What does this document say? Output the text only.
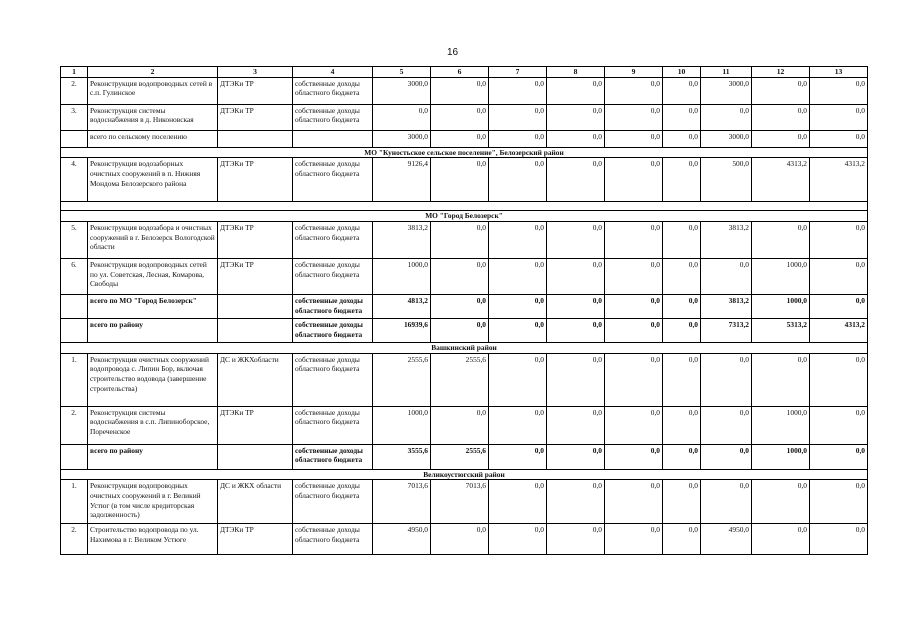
16
1	2	3	4	5	6	7	8	9	10	11	12	13
2.	Реконструкция водопроводных сетей в с.п. Гулинское	ДТЭКи ТР	собственные доходы областного бюджета	3000,0	0,0	0,0	0,0	0,0	0,0	3000,0	0,0	0,0
3.	Реконструкция системы водоснабжения в д. Никоновская	ДТЭКи ТР	собственные доходы областного бюджета	0,0	0,0	0,0	0,0	0,0	0,0	0,0	0,0	0,0
	всего по сельскому поселению			3000,0	0,0	0,0	0,0	0,0	0,0	3000,0	0,0	0,0
МО "Куностьское сельское поселение", Белозерский район												
4.	Реконструкция водозаборных очистных сооружений в п. Нижняя Мондома Белозерского района	ДТЭКи ТР	собственные доходы областного бюджета	9126,4	0,0	0,0	0,0	0,0	0,0	500,0	4313,2	4313,2

МО "Город Белозерск"												
5.	Реконструкция водозабора и очистных сооружений в г. Белозерск Вологодской области	ДТЭКи ТР	собственные доходы областного бюджета	3813,2	0,0	0,0	0,0	0,0	0,0	3813,2	0,0	0,0
6.	Реконструкция водопроводных сетей по ул. Советская, Лесная, Комарова, Свободы	ДТЭКи ТР	собственные доходы областного бюджета	1000,0	0,0	0,0	0,0	0,0	0,0	0,0	1000,0	0,0
	всего по МО "Город Белозерск"		собственные доходы областного бюджета	4813,2	0,0	0,0	0,0	0,0	0,0	3813,2	1000,0	0,0
	всего по району		собственные доходы областного бюджета	16939,6	0,0	0,0	0,0	0,0	0,0	7313,2	5313,2	4313,2
Вашкинский район												
1.	Реконструкция очистных сооружений водопровода с. Липин Бор, включая строительство водовода (завершение строительства)	ДС и ЖКХобласти	собственные доходы областного бюджета	2555,6	2555,6	0,0	0,0	0,0	0,0	0,0	0,0	0,0
2.	Реконструкция системы водоснабжения в с.п. Липиноборское, Пореченское	ДТЭКи ТР	собственные доходы областного бюджета	1000,0	0,0	0,0	0,0	0,0	0,0	0,0	1000,0	0,0
	всего по району		собственные доходы областного бюджета	3555,6	2555,6	0,0	0,0	0,0	0,0	0,0	1000,0	0,0
Великоустюгский район												
1.	Реконструкция водопроводных очистных сооружений в г. Великий Устюг (в том числе кредиторская задолженность)	ДС и ЖКХ области	собственные доходы областного бюджета	7013,6	7013,6	0,0	0,0	0,0	0,0	0,0	0,0	0,0
2.	Строительство водопровода по ул. Нахимова в г. Великом Устюге	ДТЭКи ТР	собственные доходы областного бюджета	4950,0	0,0	0,0	0,0	0,0	0,0	4950,0	0,0	0,0
